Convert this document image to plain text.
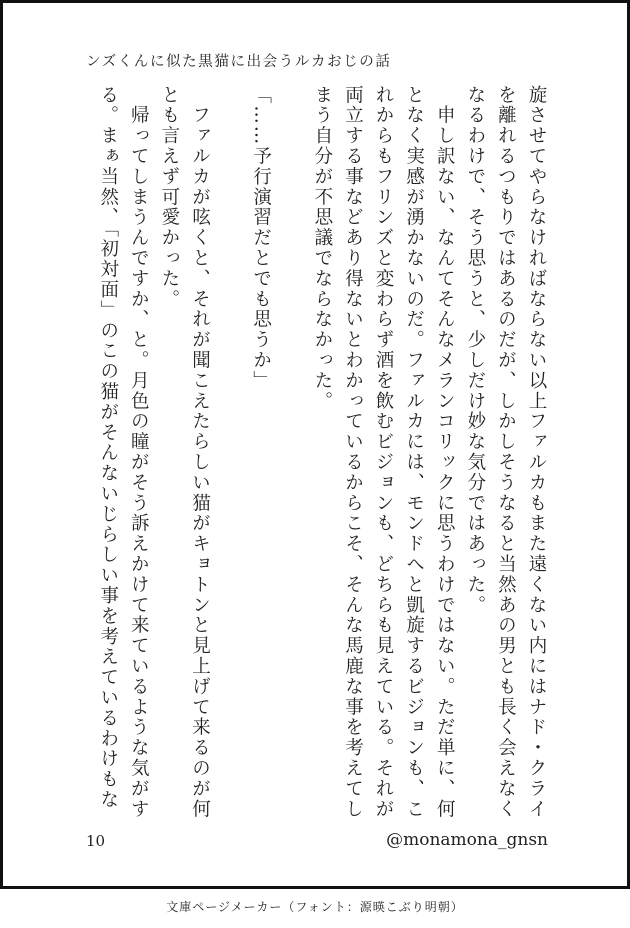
ンズくんに似た黒猫に出会うルカおじの話

旋させてやらなければならない以上ファルカもまた遠くない内にはナド・クライを離れるつもりではあるのだが、しかしそうなると当然あの男とも長く会えなくなるわけで、そう思うと、少しだけ妙な気分ではあった。

　申し訳ない、なんてそんなメランコリックに思うわけではない。ただ単に、何となく実感が湧かないのだ。ファルカには、モンドへと凱旋するビジョンも、これからもフリンズと変わらず酒を飲むビジョンも、どちらも見えている。それが両立する事などあり得ないとわかっているからこそ、そんな馬鹿な事を考えてしまう自分が不思議でならなかった。

「……予行演習だとでも思うか」

　ファルカが呟くと、それが聞こえたらしい猫がキョトンと見上げて来るのが何とも言えず可愛かった。

　帰ってしまうんですか、と。月色の瞳がそう訴えかけて来ているような気がする。まぁ当然、「初対面」のこの猫がそんないじらしい事を考えているわけもな

10	@monamona_gnsn
文庫ページメーカー（フォント：源暎こぶり明朝）
